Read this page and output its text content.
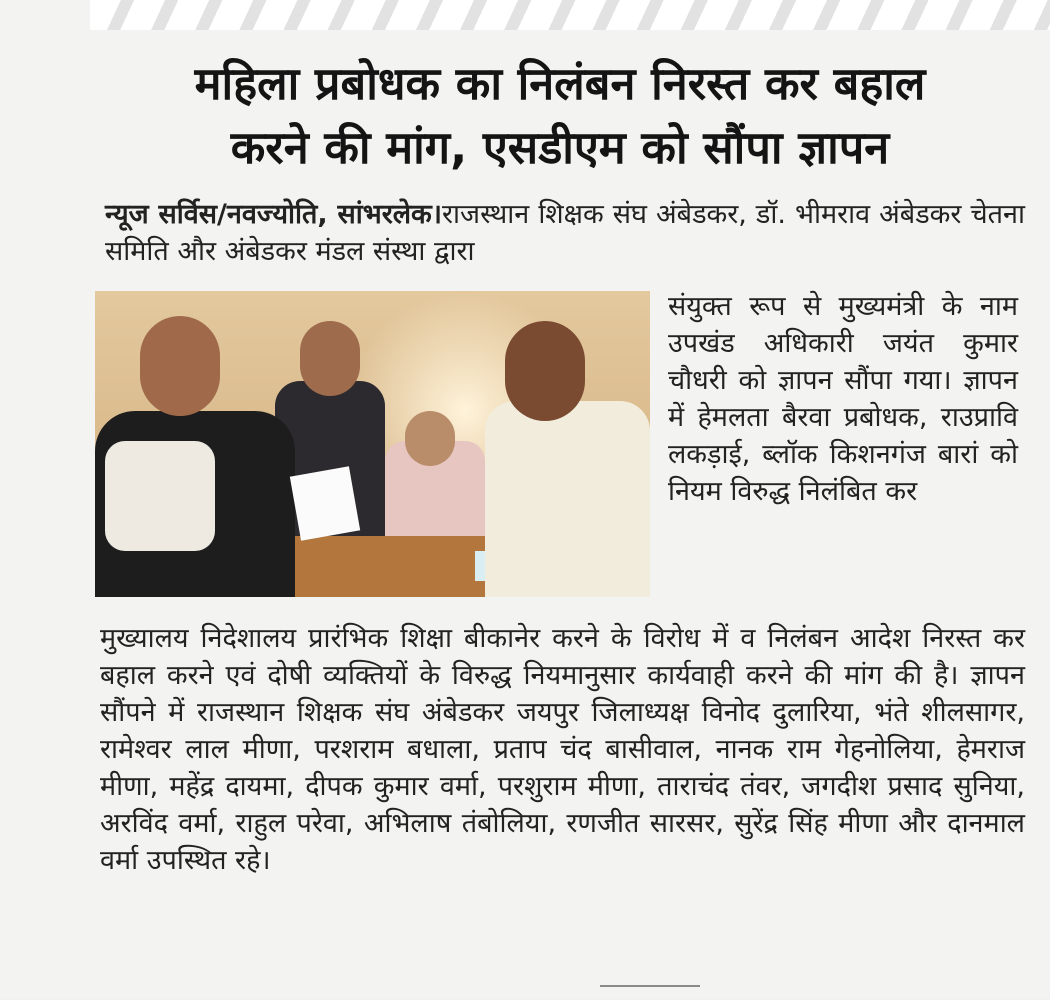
महिला प्रबोधक का निलंबन निरस्त कर बहाल
करने की मांग, एसडीएम को सौंपा ज्ञापन
न्यूज सर्विस/नवज्योति, सांभरलेक।राजस्थान शिक्षक संघ अंबेडकर, डॉ. भीमराव अंबेडकर चेतना समिति और अंबेडकर मंडल संस्था द्वारा
संयुक्त रूप से मुख्यमंत्री के नाम उपखंड अधिकारी जयंत कुमार चौधरी को ज्ञापन सौंपा गया। ज्ञापन में हेमलता बैरवा प्रबोधक, राउप्रावि लकड़ाई, ब्लॉक किशनगंज बारां को नियम विरुद्ध निलंबित कर
मुख्यालय निदेशालय प्रारंभिक शिक्षा बीकानेर करने के विरोध में व निलंबन आदेश निरस्त कर बहाल करने एवं दोषी व्यक्तियों के विरुद्ध नियमानुसार कार्यवाही करने की मांग की है। ज्ञापन सौंपने में राजस्थान शिक्षक संघ अंबेडकर जयपुर जिलाध्यक्ष विनोद दुलारिया, भंते शीलसागर, रामेश्वर लाल मीणा, परशराम बधाला, प्रताप चंद बासीवाल, नानक राम गेहनोलिया, हेमराज मीणा, महेंद्र दायमा, दीपक कुमार वर्मा, परशुराम मीणा, ताराचंद तंवर, जगदीश प्रसाद सुनिया, अरविंद वर्मा, राहुल परेवा, अभिलाष तंबोलिया, रणजीत सारसर, सुरेंद्र सिंह मीणा और दानमाल वर्मा उपस्थित रहे।
